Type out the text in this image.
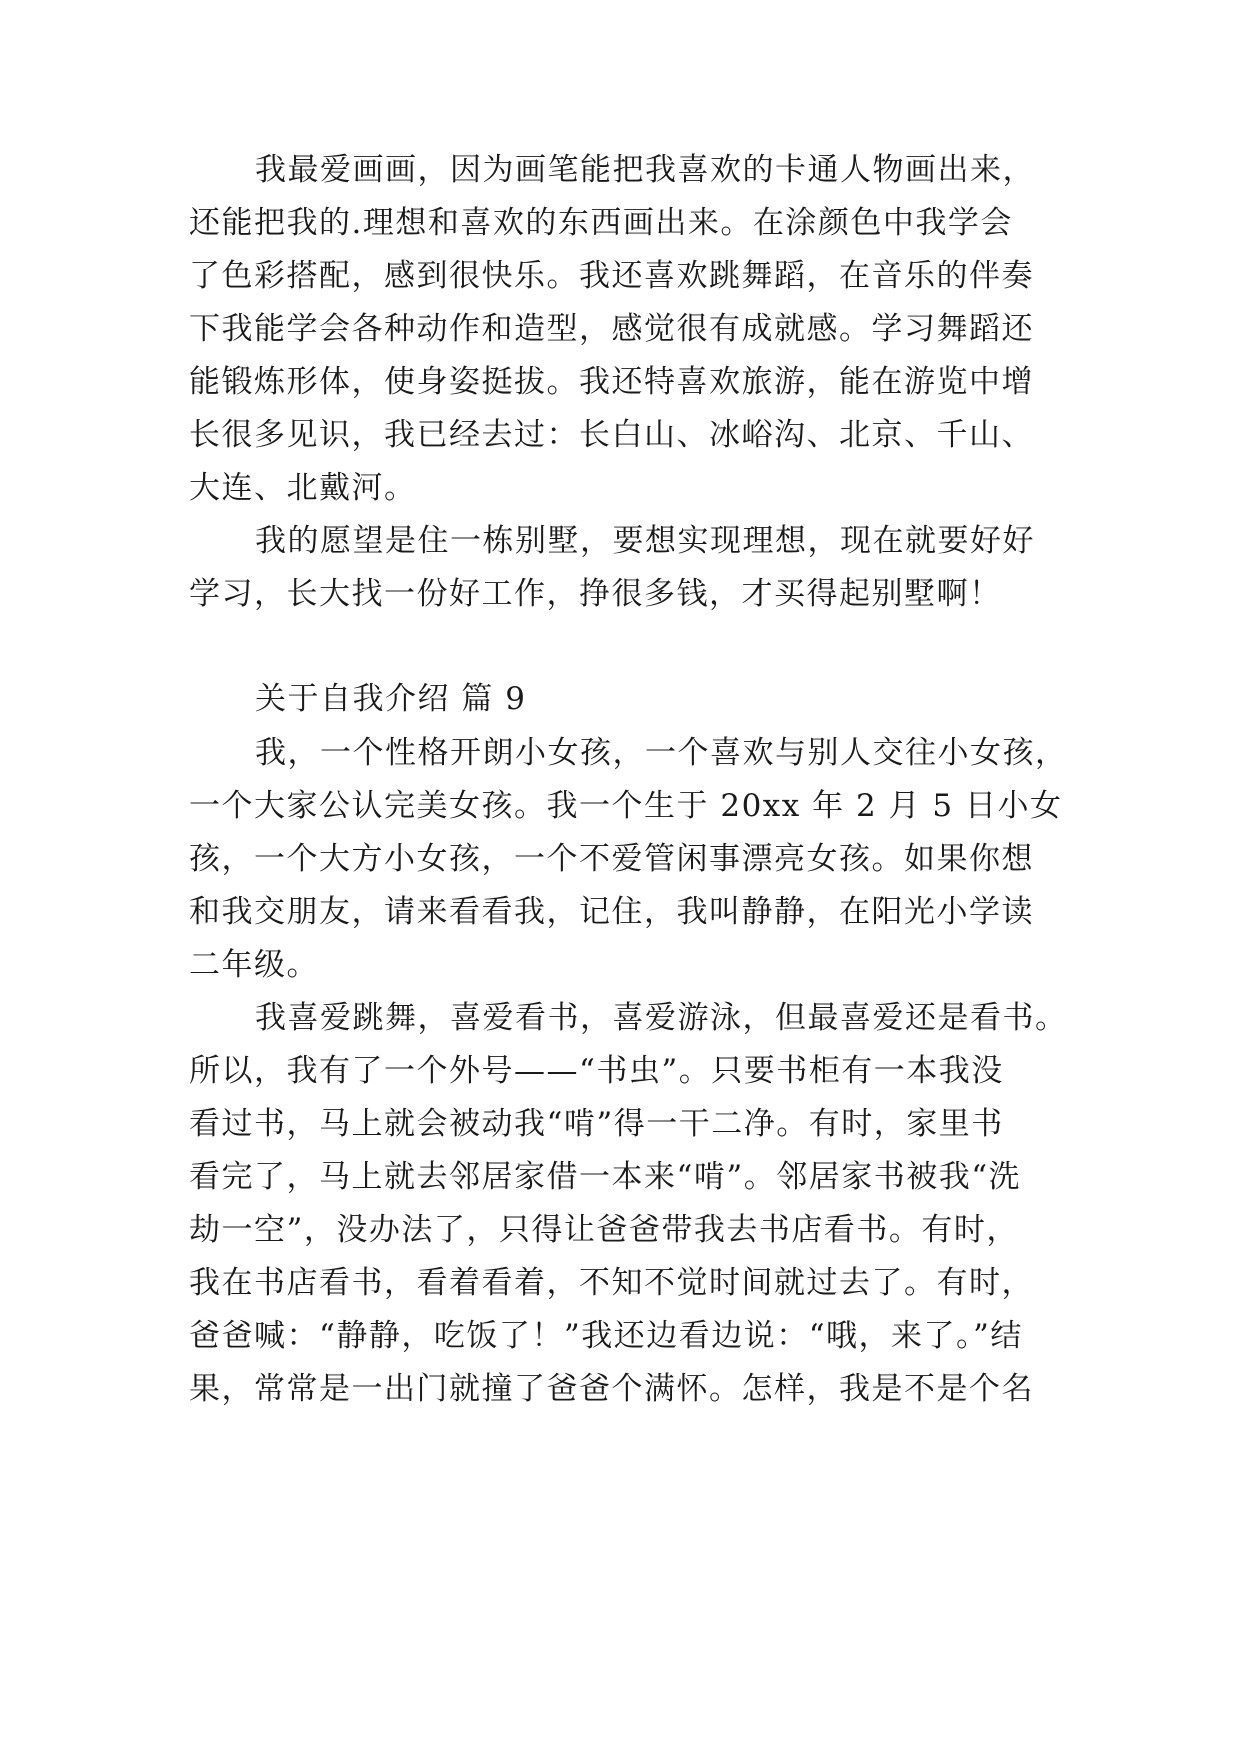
我最爱画画，因为画笔能把我喜欢的卡通人物画出来，

还能把我的.理想和喜欢的东西画出来。在涂颜色中我学会

了色彩搭配，感到很快乐。我还喜欢跳舞蹈，在音乐的伴奏

下我能学会各种动作和造型，感觉很有成就感。学习舞蹈还

能锻炼形体，使身姿挺拔。我还特喜欢旅游，能在游览中增

长很多见识，我已经去过：长白山、冰峪沟、北京、千山、

大连、北戴河。

我的愿望是住一栋别墅，要想实现理想，现在就要好好

学习，长大找一份好工作，挣很多钱，才买得起别墅啊！

关于自我介绍 篇 9

我，一个性格开朗小女孩，一个喜欢与别人交往小女孩，

一个大家公认完美女孩。我一个生于 20xx 年 2 月 5 日小女

孩，一个大方小女孩，一个不爱管闲事漂亮女孩。如果你想

和我交朋友，请来看看我，记住，我叫静静，在阳光小学读

二年级。

我喜爱跳舞，喜爱看书，喜爱游泳，但最喜爱还是看书。

所以，我有了一个外号——“书虫”。只要书柜有一本我没

看过书，马上就会被动我“啃”得一干二净。有时，家里书

看完了，马上就去邻居家借一本来“啃”。邻居家书被我“洗

劫一空”，没办法了，只得让爸爸带我去书店看书。有时，

我在书店看书，看着看着，不知不觉时间就过去了。有时，

爸爸喊：“静静，吃饭了！”我还边看边说：“哦，来了。”结

果，常常是一出门就撞了爸爸个满怀。怎样，我是不是个名
